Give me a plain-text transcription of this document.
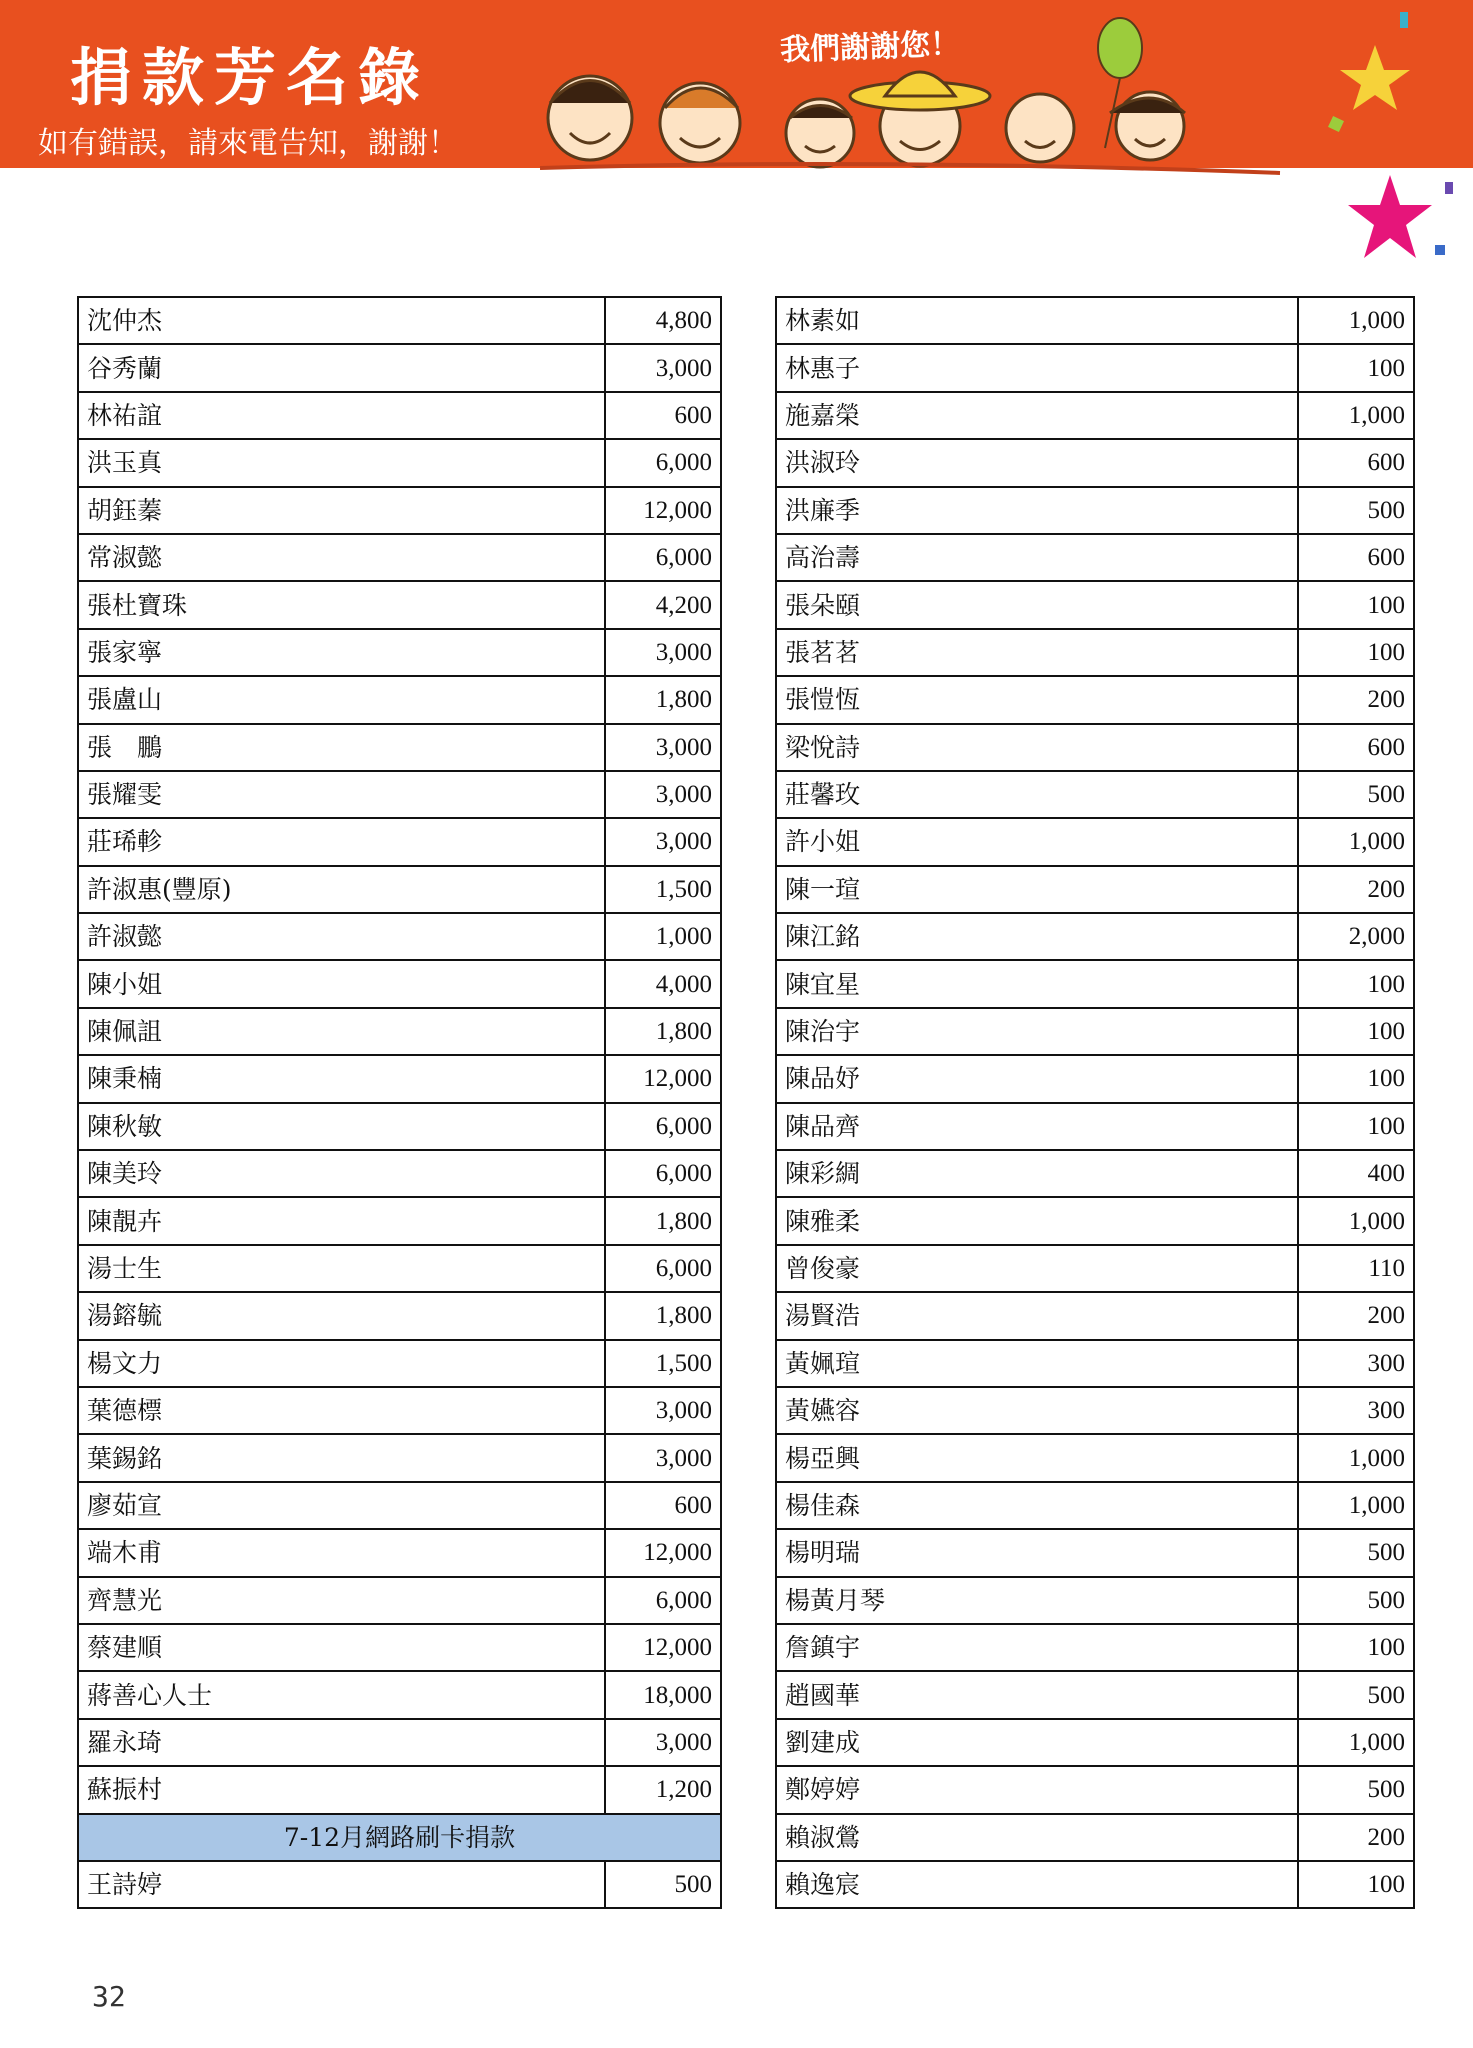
捐款芳名錄
如有錯誤，請來電告知，謝謝！
我們謝謝您！
沈仲杰	4,800
谷秀蘭	3,000
林祐誼	600
洪玉真	6,000
胡鈺蓁	12,000
常淑懿	6,000
張杜寶珠	4,200
張家寧	3,000
張盧山	1,800
張　鵬	3,000
張耀雯	3,000
莊琋軫	3,000
許淑惠(豐原)	1,500
許淑懿	1,000
陳小姐	4,000
陳佩詛	1,800
陳秉楠	12,000
陳秋敏	6,000
陳美玲	6,000
陳靚卉	1,800
湯士生	6,000
湯鎔毓	1,800
楊文力	1,500
葉德標	3,000
葉錫銘	3,000
廖茹宣	600
端木甫	12,000
齊慧光	6,000
蔡建順	12,000
蔣善心人士	18,000
羅永琦	3,000
蘇振村	1,200
7-12月網路刷卡捐款	
王詩婷	500
林素如	1,000
林惠子	100
施嘉榮	1,000
洪淑玲	600
洪廉季	500
高治壽	600
張朵頤	100
張茗茗	100
張愷恆	200
梁悅詩	600
莊馨玫	500
許小姐	1,000
陳一瑄	200
陳江銘	2,000
陳宜星	100
陳治宇	100
陳品妤	100
陳品齊	100
陳彩綢	400
陳雅柔	1,000
曾俊豪	110
湯賢浩	200
黃姵瑄	300
黃嬿容	300
楊亞興	1,000
楊佳森	1,000
楊明瑞	500
楊黃月琴	500
詹鎮宇	100
趙國華	500
劉建成	1,000
鄭婷婷	500
賴淑鶯	200
賴逸宸	100
32
